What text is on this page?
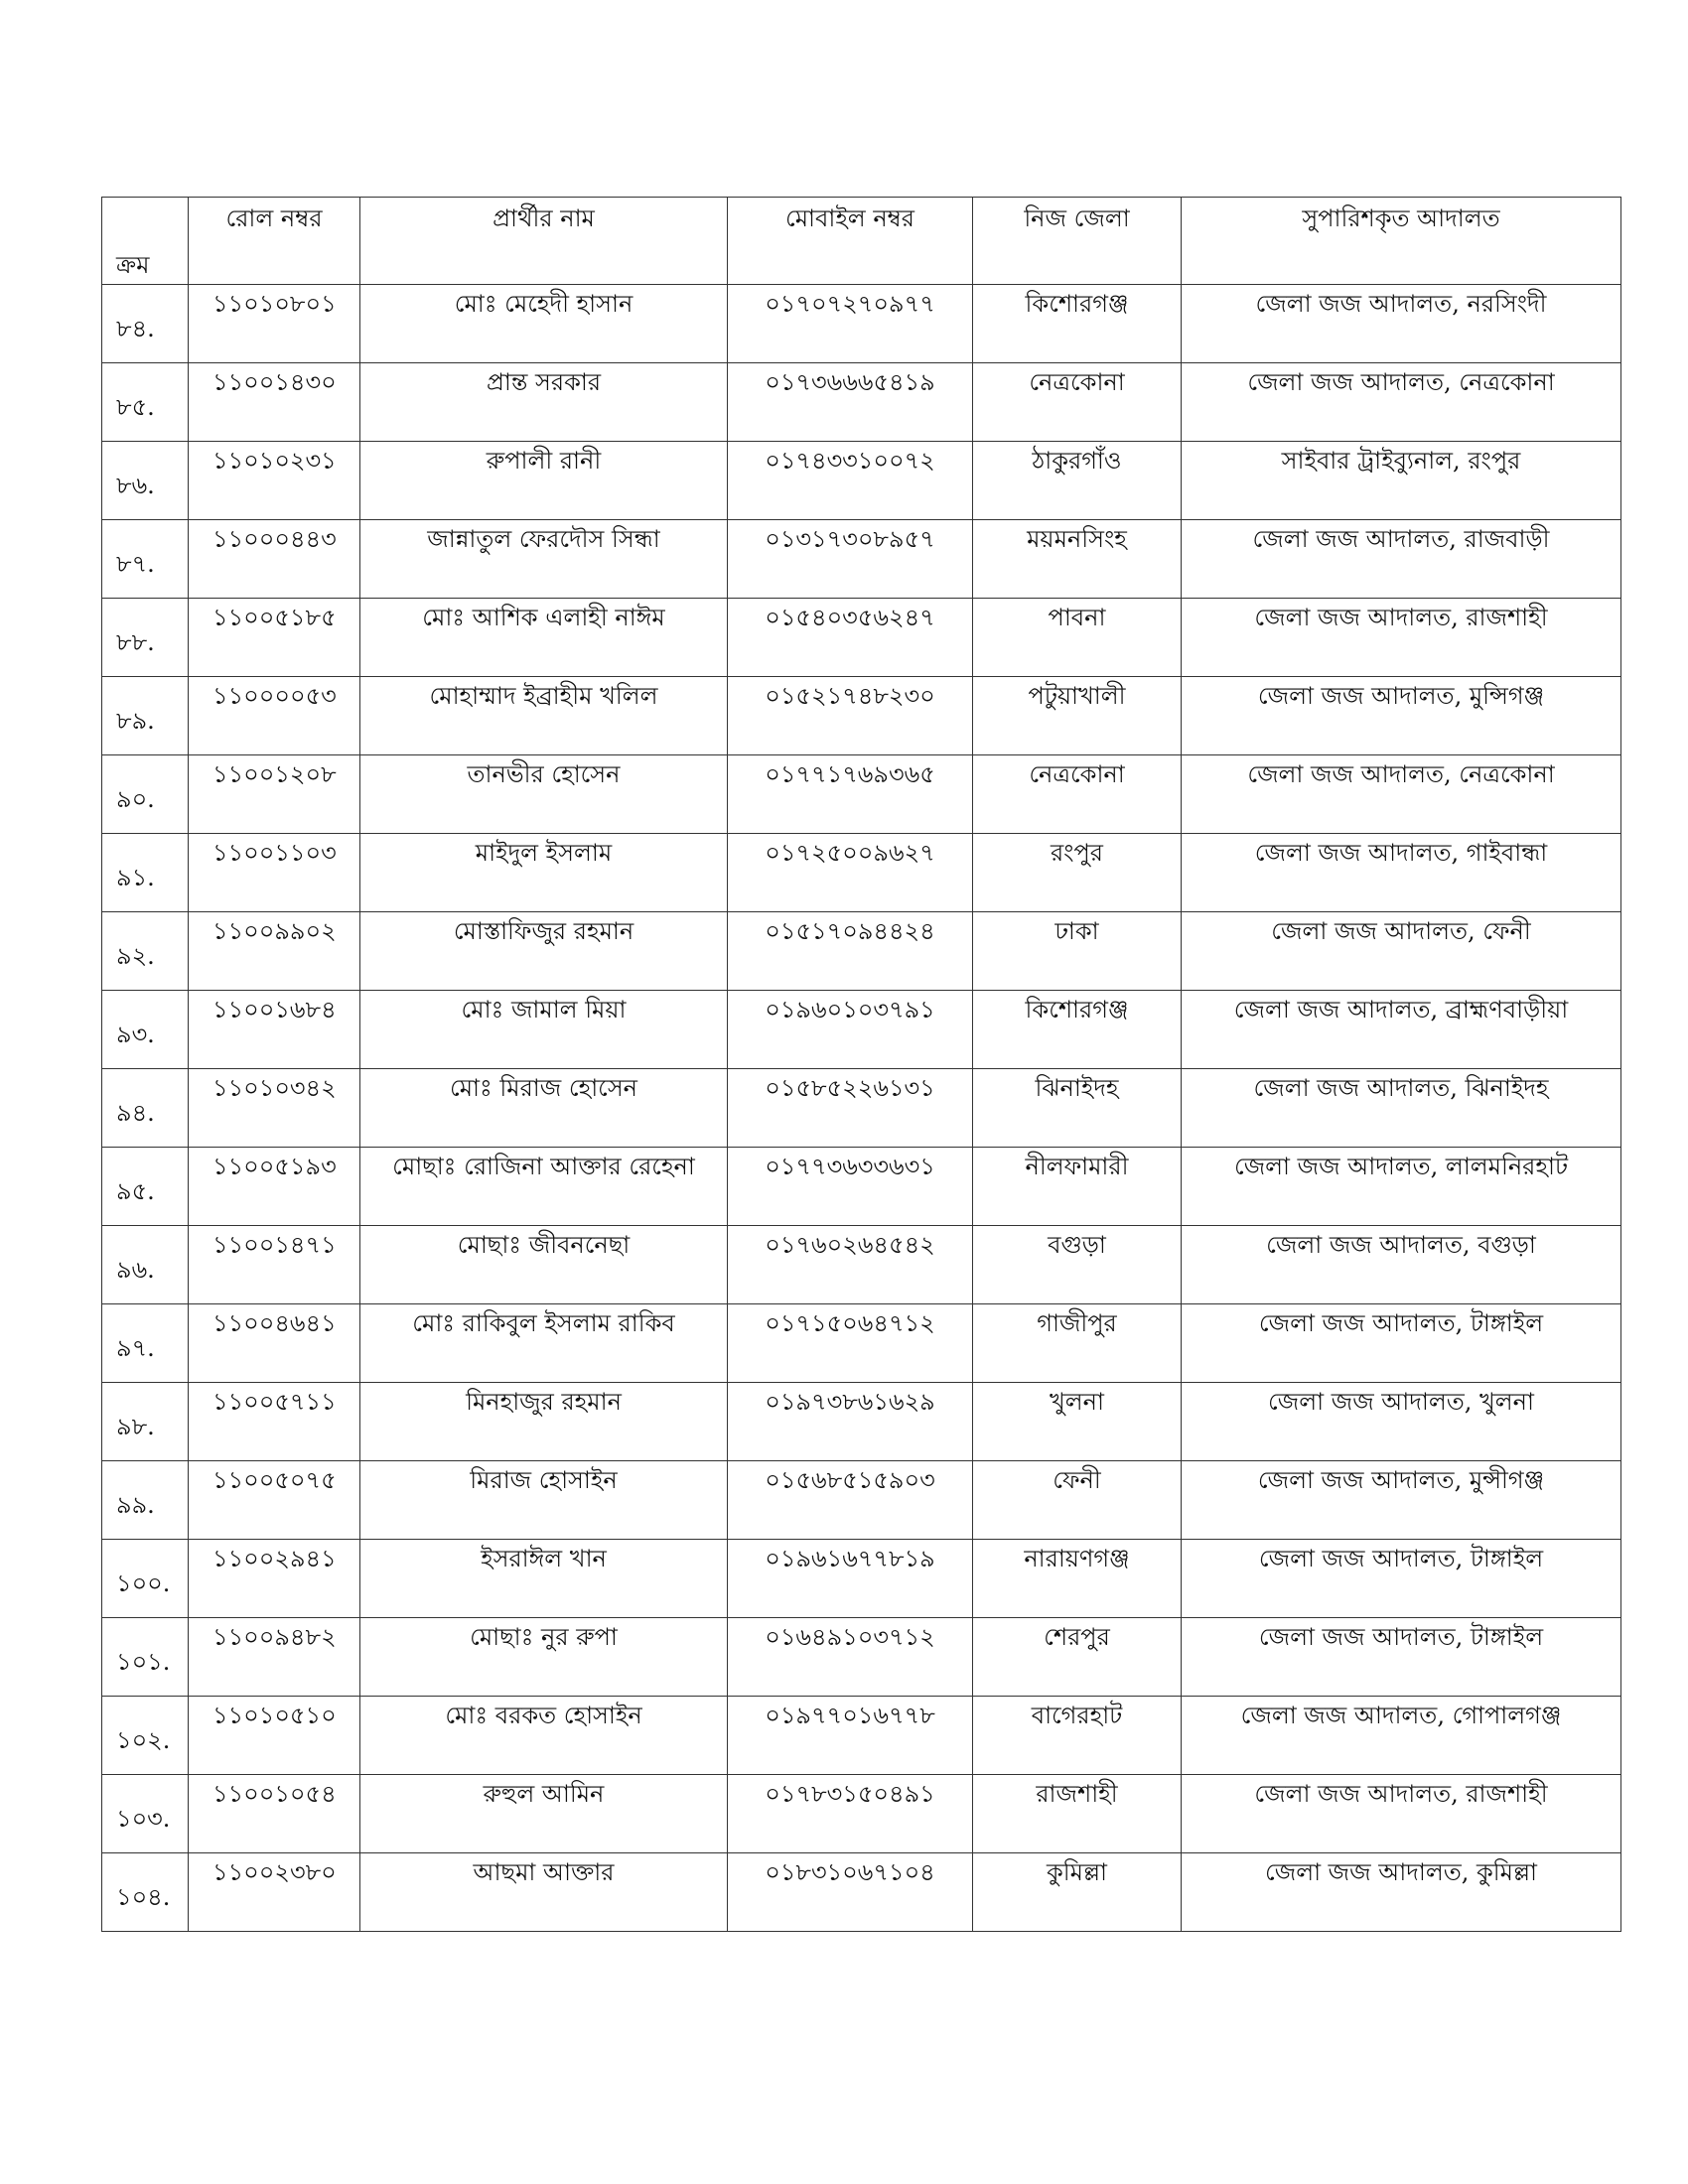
ক্রম	রোল নম্বর	প্রার্থীর নাম	মোবাইল নম্বর	নিজ জেলা	সুপারিশকৃত আদালত
৮৪.	১১০১০৮০১	মোঃ মেহেদী হাসান	০১৭০৭২৭০৯৭৭	কিশোরগঞ্জ	জেলা জজ আদালত, নরসিংদী
৮৫.	১১০০১৪৩০	প্রান্ত সরকার	০১৭৩৬৬৬৫৪১৯	নেত্রকোনা	জেলা জজ আদালত, নেত্রকোনা
৮৬.	১১০১০২৩১	রুপালী রানী	০১৭৪৩৩১০০৭২	ঠাকুরগাঁও	সাইবার ট্রাইব্যুনাল, রংপুর
৮৭.	১১০০০৪৪৩	জান্নাতুল ফেরদৌস সিন্ধা	০১৩১৭৩০৮৯৫৭	ময়মনসিংহ	জেলা জজ আদালত, রাজবাড়ী
৮৮.	১১০০৫১৮৫	মোঃ আশিক এলাহী নাঈম	০১৫৪০৩৫৬২৪৭	পাবনা	জেলা জজ আদালত, রাজশাহী
৮৯.	১১০০০০৫৩	মোহাম্মাদ ইব্রাহীম খলিল	০১৫২১৭৪৮২৩০	পটুয়াখালী	জেলা জজ আদালত, মুন্সিগঞ্জ
৯০.	১১০০১২০৮	তানভীর হোসেন	০১৭৭১৭৬৯৩৬৫	নেত্রকোনা	জেলা জজ আদালত, নেত্রকোনা
৯১.	১১০০১১০৩	মাইদুল ইসলাম	০১৭২৫০০৯৬২৭	রংপুর	জেলা জজ আদালত, গাইবান্ধা
৯২.	১১০০৯৯০২	মোস্তাফিজুর রহমান	০১৫১৭০৯৪৪২৪	ঢাকা	জেলা জজ আদালত, ফেনী
৯৩.	১১০০১৬৮৪	মোঃ জামাল মিয়া	০১৯৬০১০৩৭৯১	কিশোরগঞ্জ	জেলা জজ আদালত, ব্রাহ্মণবাড়ীয়া
৯৪.	১১০১০৩৪২	মোঃ মিরাজ হোসেন	০১৫৮৫২২৬১৩১	ঝিনাইদহ	জেলা জজ আদালত, ঝিনাইদহ
৯৫.	১১০০৫১৯৩	মোছাঃ রোজিনা আক্তার রেহেনা	০১৭৭৩৬৩৩৬৩১	নীলফামারী	জেলা জজ আদালত, লালমনিরহাট
৯৬.	১১০০১৪৭১	মোছাঃ জীবননেছা	০১৭৬০২৬৪৫৪২	বগুড়া	জেলা জজ আদালত, বগুড়া
৯৭.	১১০০৪৬৪১	মোঃ রাকিবুল ইসলাম রাকিব	০১৭১৫০৬৪৭১২	গাজীপুর	জেলা জজ আদালত, টাঙ্গাইল
৯৮.	১১০০৫৭১১	মিনহাজুর রহমান	০১৯৭৩৮৬১৬২৯	খুলনা	জেলা জজ আদালত, খুলনা
৯৯.	১১০০৫০৭৫	মিরাজ হোসাইন	০১৫৬৮৫১৫৯০৩	ফেনী	জেলা জজ আদালত, মুন্সীগঞ্জ
১০০.	১১০০২৯৪১	ইসরাঈল খান	০১৯৬১৬৭৭৮১৯	নারায়ণগঞ্জ	জেলা জজ আদালত, টাঙ্গাইল
১০১.	১১০০৯৪৮২	মোছাঃ নুর রুপা	০১৬৪৯১০৩৭১২	শেরপুর	জেলা জজ আদালত, টাঙ্গাইল
১০২.	১১০১০৫১০	মোঃ বরকত হোসাইন	০১৯৭৭০১৬৭৭৮	বাগেরহাট	জেলা জজ আদালত, গোপালগঞ্জ
১০৩.	১১০০১০৫৪	রুহুল আমিন	০১৭৮৩১৫০৪৯১	রাজশাহী	জেলা জজ আদালত, রাজশাহী
১০৪.	১১০০২৩৮০	আছমা আক্তার	০১৮৩১০৬৭১০৪	কুমিল্লা	জেলা জজ আদালত, কুমিল্লা
